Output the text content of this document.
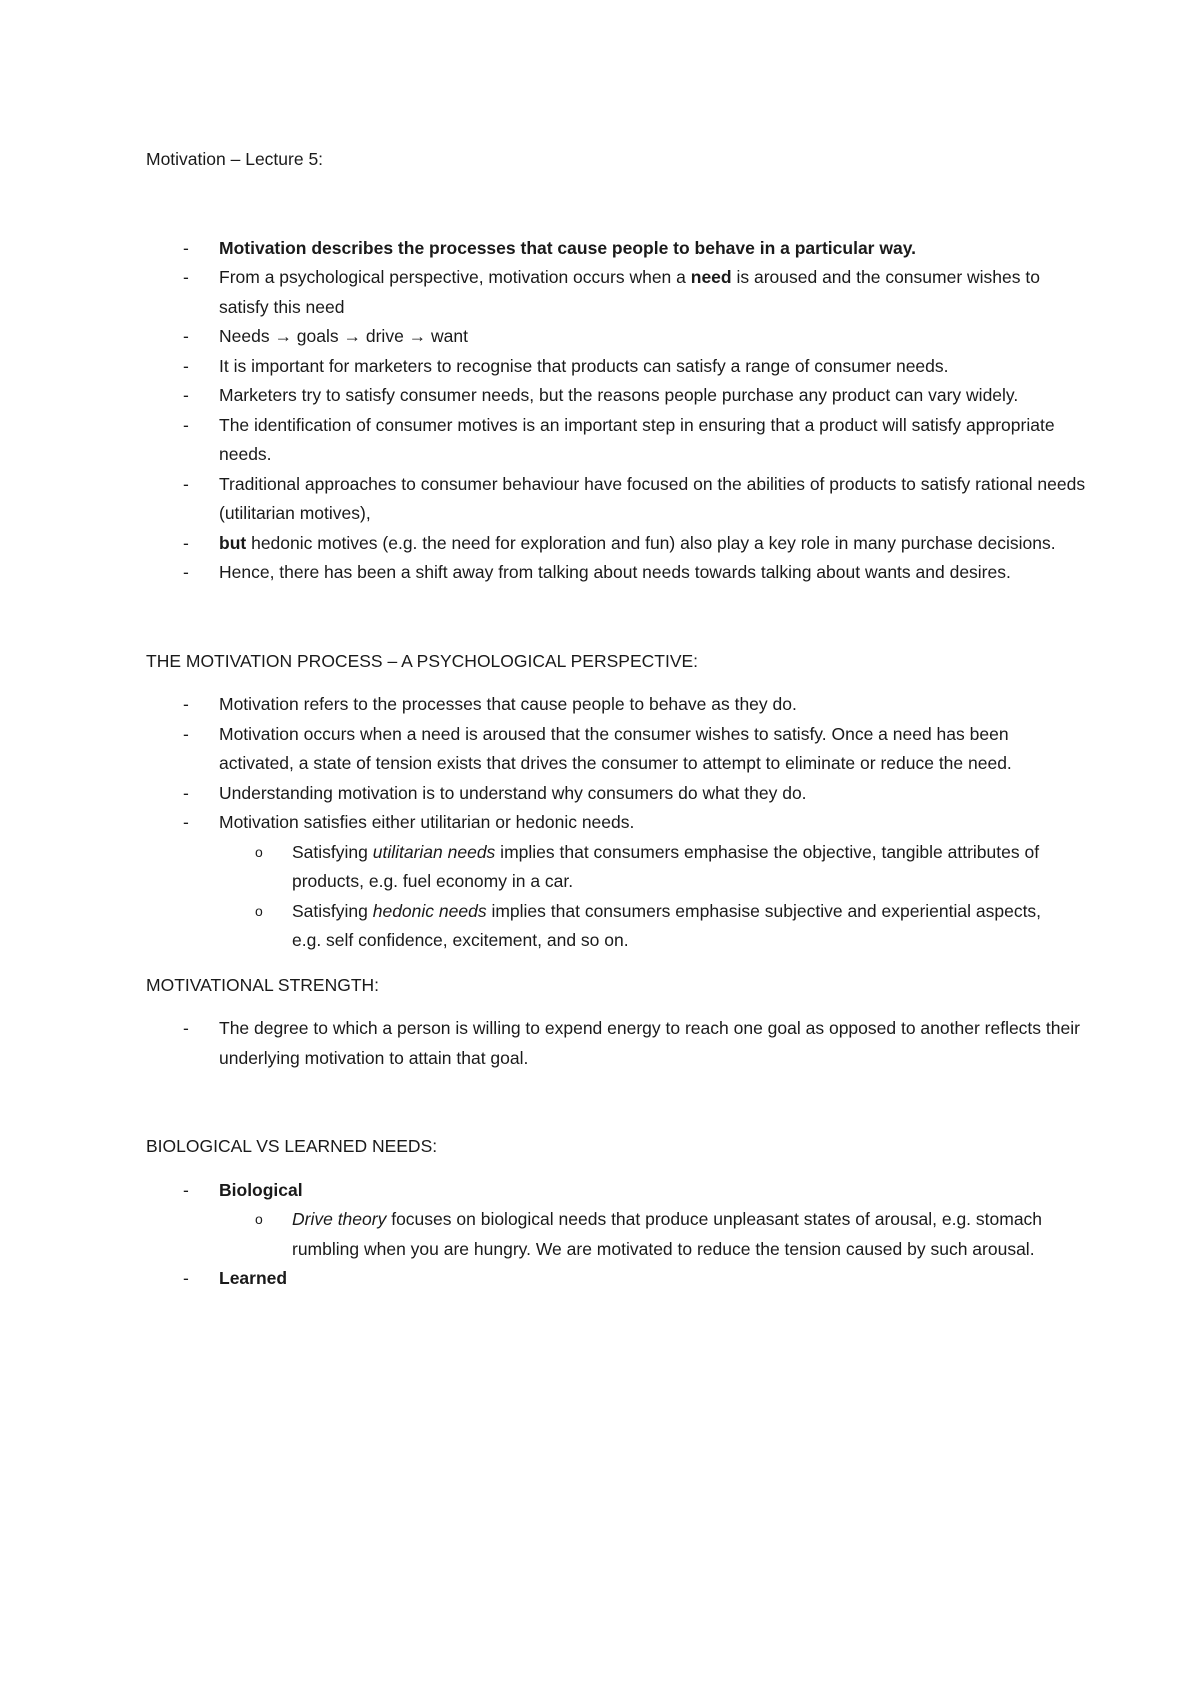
Motivation – Lecture 5:

- Motivation describes the processes that cause people to behave in a particular way.
- From a psychological perspective, motivation occurs when a need is aroused and the consumer wishes to satisfy this need
- Needs → goals → drive → want
- It is important for marketers to recognise that products can satisfy a range of consumer needs.
- Marketers try to satisfy consumer needs, but the reasons people purchase any product can vary widely.
- The identification of consumer motives is an important step in ensuring that a product will satisfy appropriate needs.
- Traditional approaches to consumer behaviour have focused on the abilities of products to satisfy rational needs (utilitarian motives),
- but hedonic motives (e.g. the need for exploration and fun) also play a key role in many purchase decisions.
- Hence, there has been a shift away from talking about needs towards talking about wants and desires.

THE MOTIVATION PROCESS – A PSYCHOLOGICAL PERSPECTIVE:

- Motivation refers to the processes that cause people to behave as they do.
- Motivation occurs when a need is aroused that the consumer wishes to satisfy. Once a need has been activated, a state of tension exists that drives the consumer to attempt to eliminate or reduce the need.
- Understanding motivation is to understand why consumers do what they do.
- Motivation satisfies either utilitarian or hedonic needs.
o Satisfying utilitarian needs implies that consumers emphasise the objective, tangible attributes of products, e.g. fuel economy in a car.
o Satisfying hedonic needs implies that consumers emphasise subjective and experiential aspects,
e.g. self confidence, excitement, and so on.

MOTIVATIONAL STRENGTH:

- The degree to which a person is willing to expend energy to reach one goal as opposed to another reflects their underlying motivation to attain that goal.

BIOLOGICAL VS LEARNED NEEDS:

- Biological
o Drive theory focuses on biological needs that produce unpleasant states of arousal, e.g. stomach rumbling when you are hungry. We are motivated to reduce the tension caused by such arousal.
- Learned
